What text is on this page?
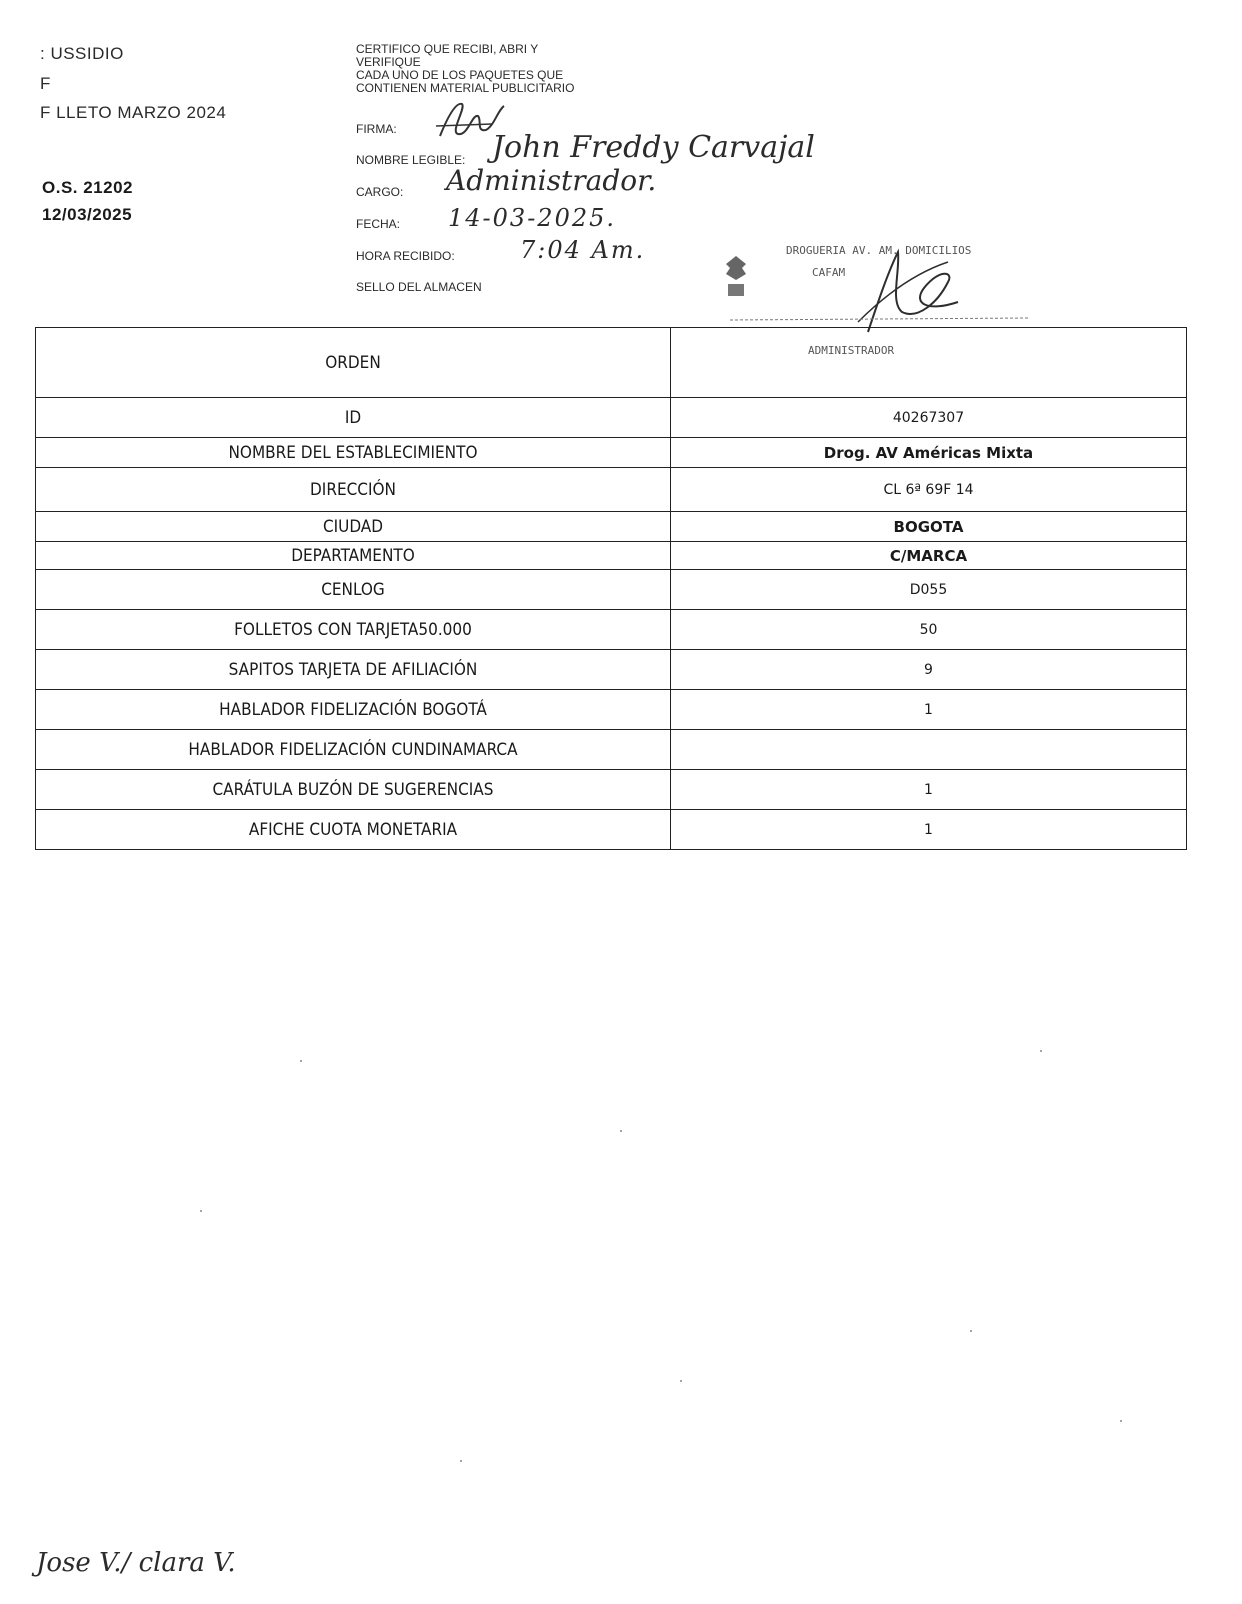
: USSIDIO
F
F LLETO MARZO 2024
O.S. 21202
12/03/2025
CERTIFICO QUE RECIBI, ABRI Y
VERIFIQUE
CADA UNO DE LOS PAQUETES QUE
CONTIENEN MATERIAL PUBLICITARIO
FIRMA:
NOMBRE LEGIBLE: John Freddy Carvajal
CARGO: Administrador.
FECHA: 14-03-2025.
HORA RECIBIDO:	7:04 Am.
SELLO DEL ALMACEN
DROGUERIA AV. AM. DOMICILIOS
CAFAM
ADMINISTRADOR
ORDEN	
ID	40267307
NOMBRE DEL ESTABLECIMIENTO	Drog. AV Américas Mixta
DIRECCIÓN	CL 6ª 69F 14
CIUDAD	BOGOTA
DEPARTAMENTO	C/MARCA
CENLOG	D055
FOLLETOS CON TARJETA50.000	50
SAPITOS TARJETA DE AFILIACIÓN	9
HABLADOR FIDELIZACIÓN BOGOTÁ	1
HABLADOR FIDELIZACIÓN CUNDINAMARCA	
CARÁTULA BUZÓN DE SUGERENCIAS	1
AFICHE CUOTA MONETARIA	1
Jose V./ clara V.
